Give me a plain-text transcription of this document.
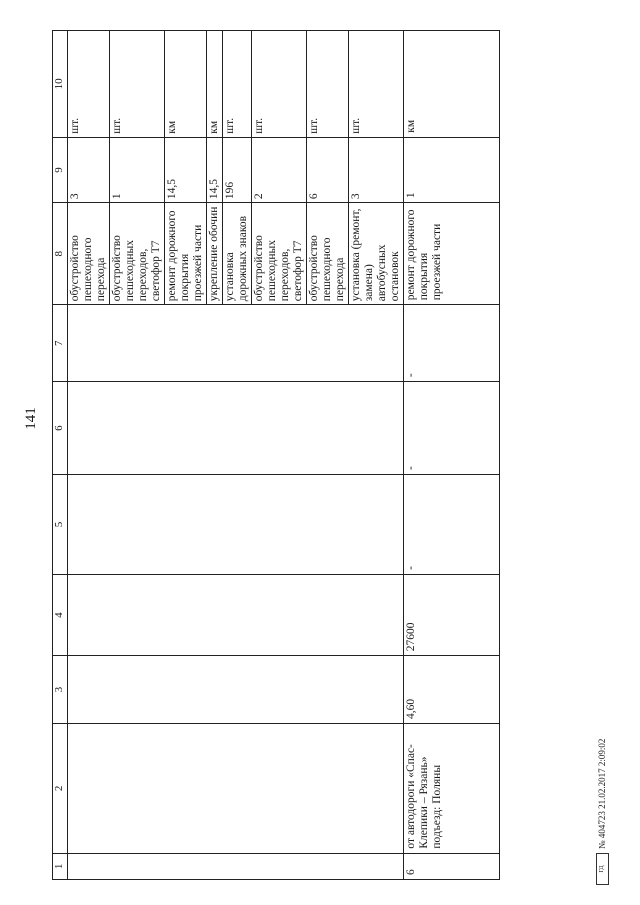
141
1	2	3	4	5	6	7	8	9	10
							обустройство пешеходного перехода	3	шт.
							обустройство пешеходных переходов, светофор Т7	1	шт.
							ремонт дорожного покрытия проезжей части	14,5	км
							укрепление обочин	14,5	км
							установка дорожных знаков	196	шт.
							обустройство пешеходных переходов, светофор Т7	2	шт.
							обустройство пешеходного перехода	6	шт.
							установка (ремонт, замена) автобусных остановок	3	шт.
6	от автодороги «Спас-Клепики – Рязань» подъезд: Поляны	4,60	27600	-	-	-	ремонт дорожного покрытия проезжей части	1	км
ГД
№ 404723 21.02.2017 2:09:02
